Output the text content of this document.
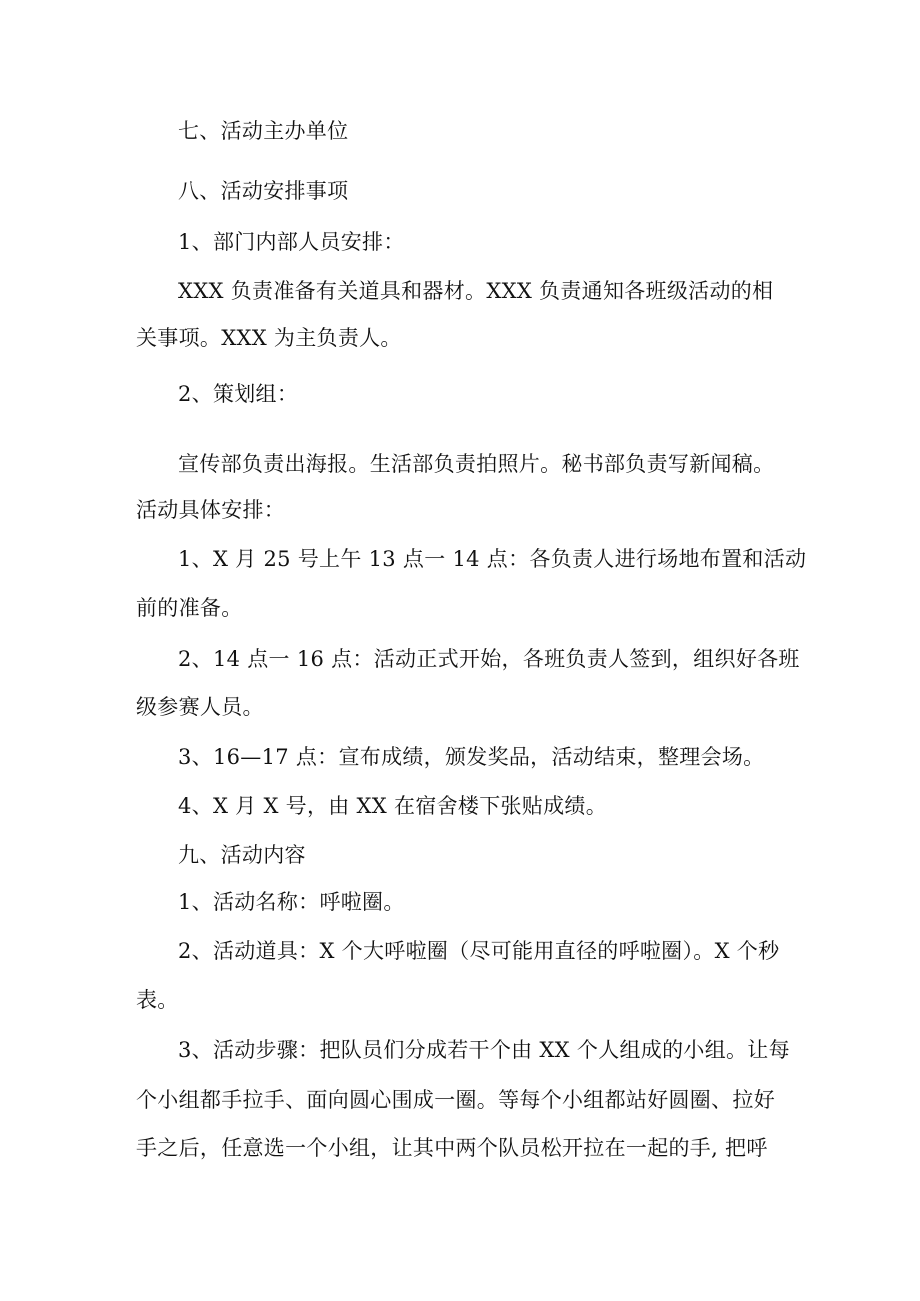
七、活动主办单位
八、活动安排事项
1、部门内部人员安排：
XXX 负责准备有关道具和器材。XXX 负责通知各班级活动的相
关事项。XXX 为主负责人。
2、策划组：
宣传部负责出海报。生活部负责拍照片。秘书部负责写新闻稿。
活动具体安排：
1、X 月 25 号上午 13 点一 14 点：各负责人进行场地布置和活动
前的准备。
2、14 点一 16 点：活动正式开始，各班负责人签到，组织好各班
级参赛人员。
3、16—17 点：宣布成绩，颁发奖品，活动结束，整理会场。
4、X 月 X 号，由 XX 在宿舍楼下张贴成绩。
九、活动内容
1、活动名称：呼啦圈。
2、活动道具：X 个大呼啦圈（尽可能用直径的呼啦圈）。X 个秒
表。
3、活动步骤：把队员们分成若干个由 XX 个人组成的小组。让每
个小组都手拉手、面向圆心围成一圈。等每个小组都站好圆圈、拉好
手之后，任意选一个小组，让其中两个队员松开拉在一起的手, 把呼
